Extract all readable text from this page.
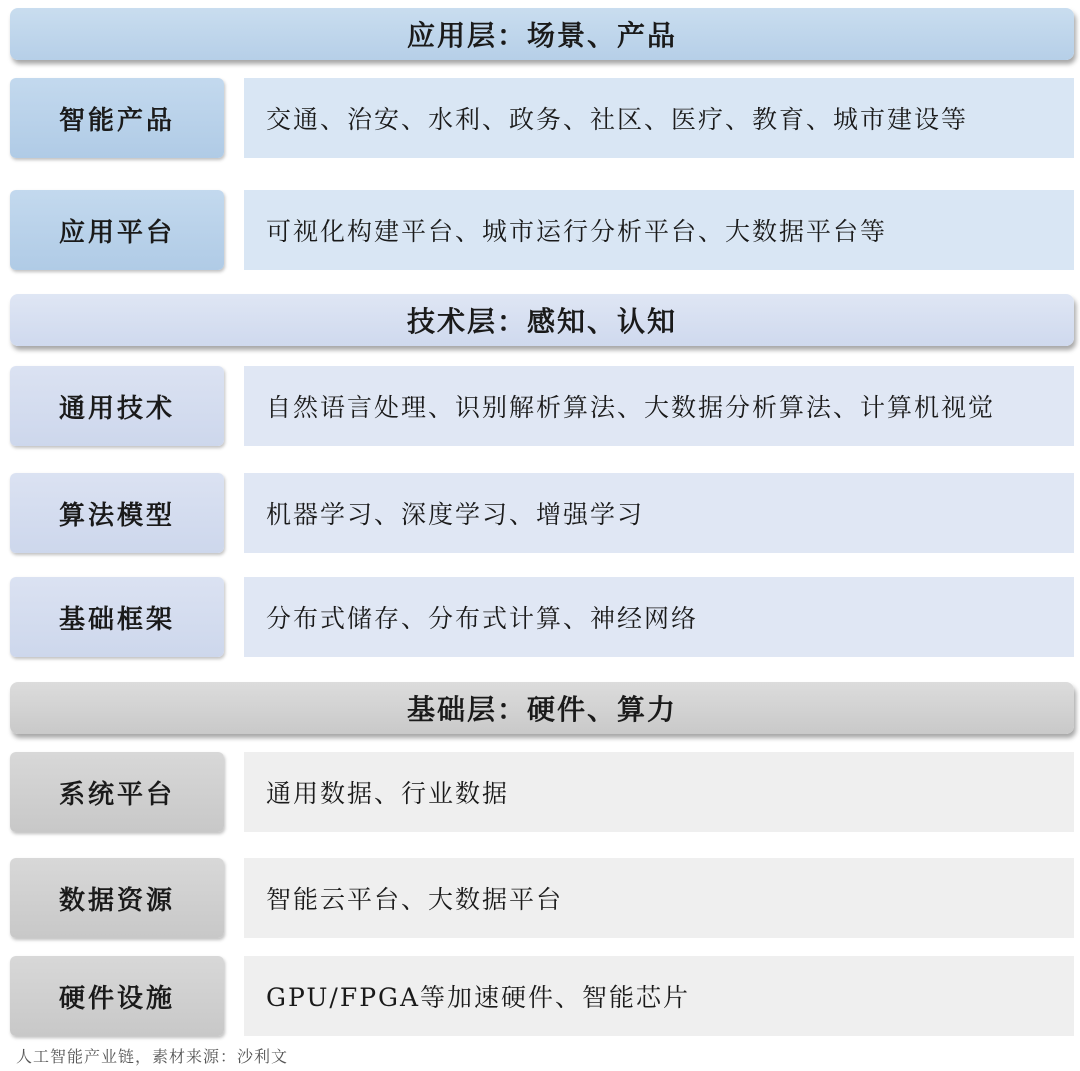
应用层：场景、产品
智能产品	交通、治安、水利、政务、社区、医疗、教育、城市建设等
应用平台	可视化构建平台、城市运行分析平台、大数据平台等
技术层：感知、认知
通用技术	自然语言处理、识别解析算法、大数据分析算法、计算机视觉
算法模型	机器学习、深度学习、增强学习
基础框架	分布式储存、分布式计算、神经网络
基础层：硬件、算力
系统平台	通用数据、行业数据
数据资源	智能云平台、大数据平台
硬件设施	GPU/FPGA等加速硬件、智能芯片
人工智能产业链，素材来源：沙利文
